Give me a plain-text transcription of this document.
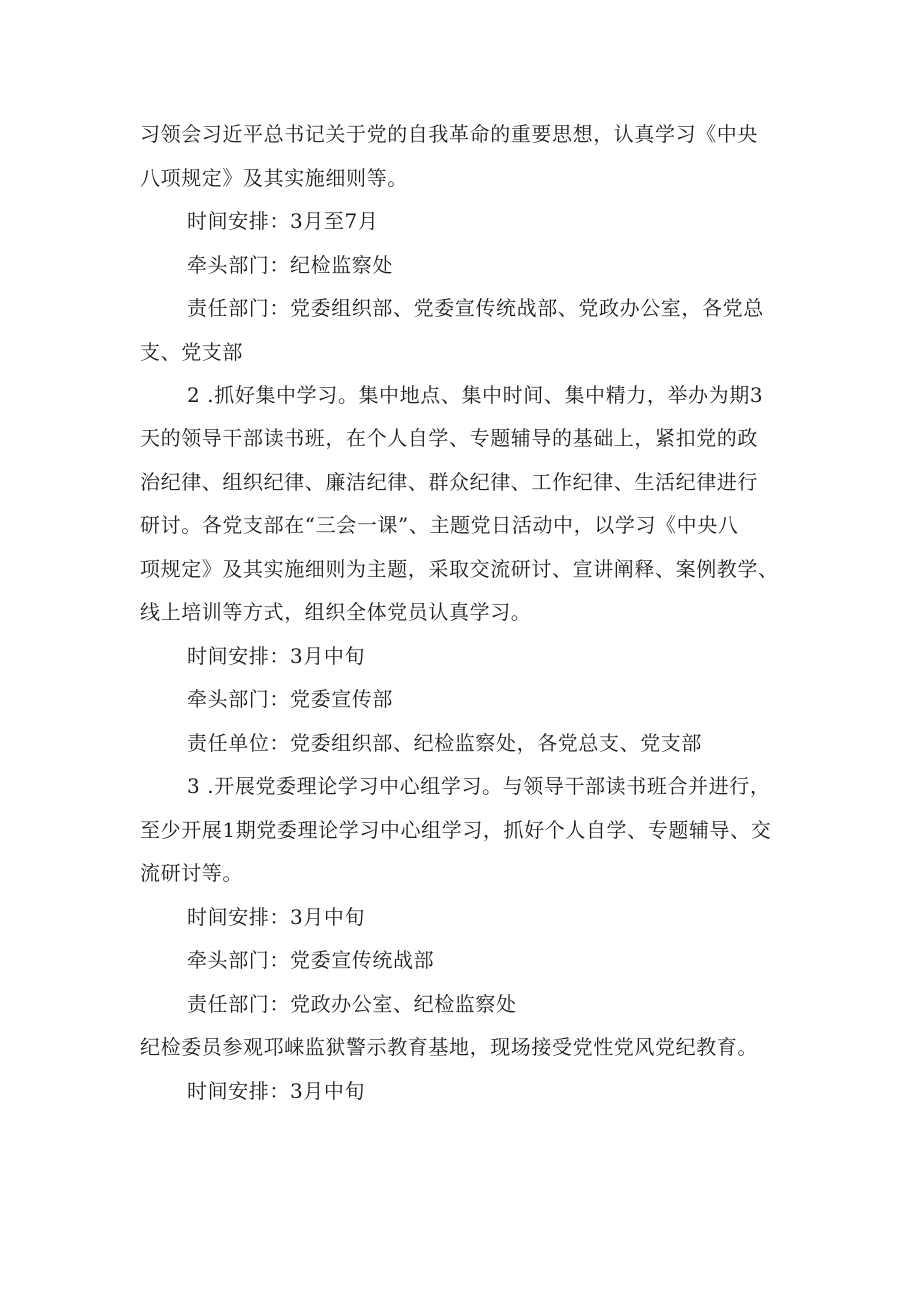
习领会习近平总书记关于党的自我革命的重要思想，认真学习《中央
八项规定》及其实施细则等。
时间安排：3月至7月
牵头部门：纪检监察处
责任部门：党委组织部、党委宣传统战部、党政办公室，各党总
支、党支部
2 .抓好集中学习。集中地点、集中时间、集中精力，举办为期3
天的领导干部读书班，在个人自学、专题辅导的基础上，紧扣党的政
治纪律、组织纪律、廉洁纪律、群众纪律、工作纪律、生活纪律进行
研讨。各党支部在“三会一课”、主题党日活动中，以学习《中央八
项规定》及其实施细则为主题，采取交流研讨、宣讲阐释、案例教学、
线上培训等方式，组织全体党员认真学习。
时间安排：3月中旬
牵头部门：党委宣传部
责任单位：党委组织部、纪检监察处，各党总支、党支部
3 .开展党委理论学习中心组学习。与领导干部读书班合并进行，
至少开展1期党委理论学习中心组学习，抓好个人自学、专题辅导、交
流研讨等。
时间安排：3月中旬
牵头部门：党委宣传统战部
责任部门：党政办公室、纪检监察处
纪检委员参观邛崃监狱警示教育基地，现场接受党性党风党纪教育。
时间安排：3月中旬
